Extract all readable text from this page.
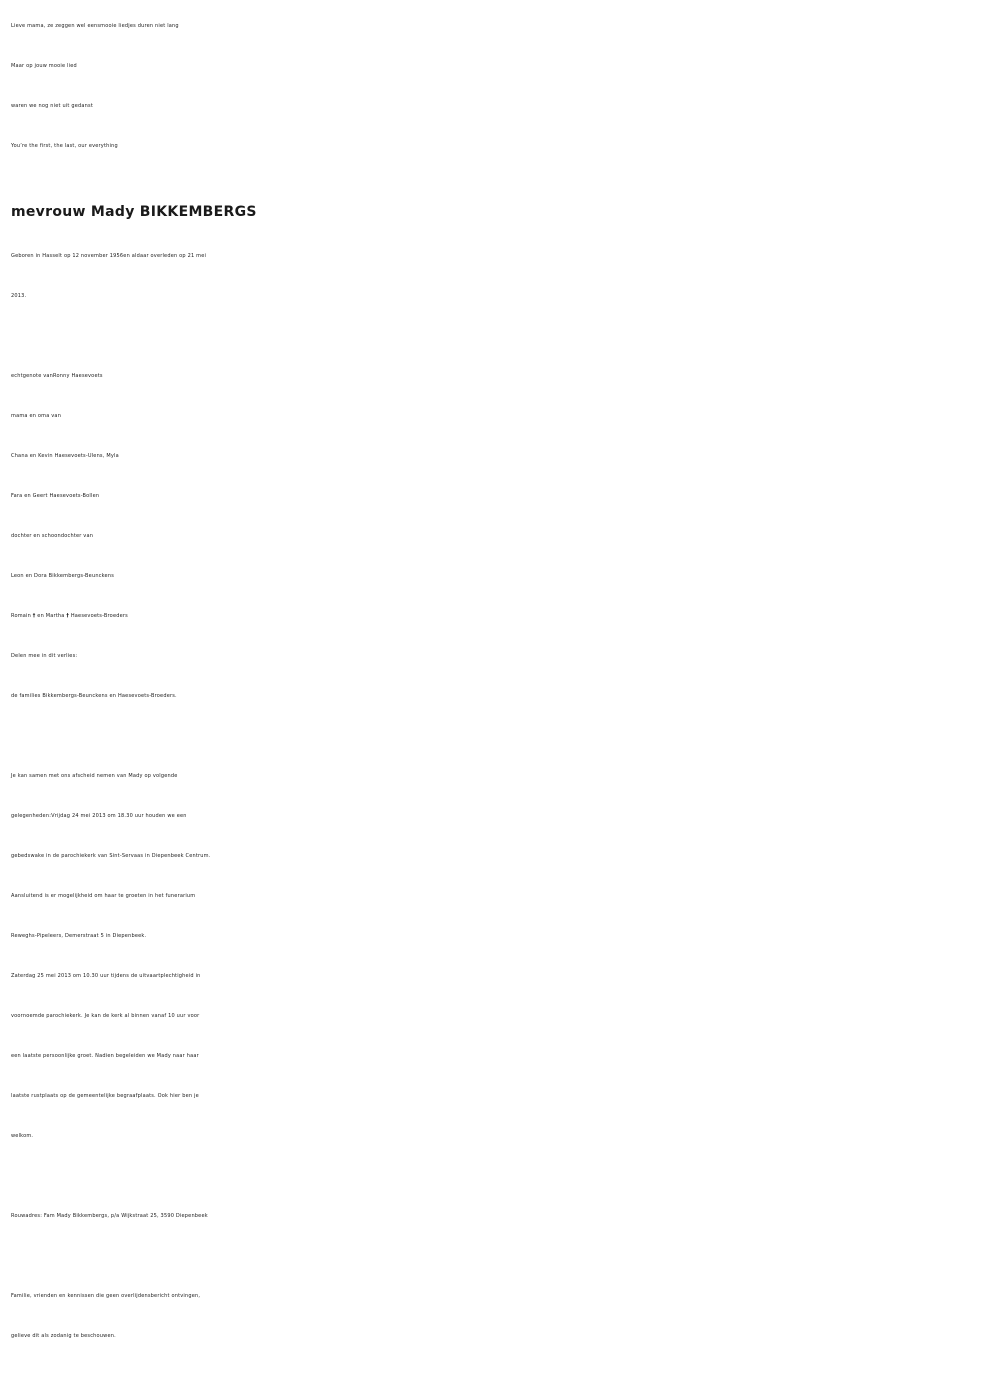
Lieve mama, ze zeggen wel eensmooie liedjes duren niet lang
Maar op jouw mooie lied
waren we nog niet uit gedanst
You’re the first, the last, our everything
mevrouw Mady BIKKEMBERGS
Geboren in Hasselt op 12 november 1956en aldaar overleden op 21 mei
2013.
echtgenote vanRonny Haesevoets
mama en oma van
Chana en Kevin Haesevoets-Ulens, Myla
Fara en Geert Haesevoets-Bollen
dochter en schoondochter van
Leon en Dora Bikkembergs-Beunckens
Romain † en Martha † Haesevoets-Broeders
Delen mee in dit verlies:
de families Bikkembergs-Beunckens en Haesevoets-Broeders.
Je kan samen met ons afscheid nemen van Mady op volgende
gelegenheden:Vrijdag 24 mei 2013 om 18.30 uur houden we een
gebedswake in de parochiekerk van Sint-Servaas in Diepenbeek Centrum.
Aansluitend is er mogelijkheid om haar te groeten in het funerarium
Reweghs-Pipeleers, Demerstraat 5 in Diepenbeek.
Zaterdag 25 mei 2013 om 10.30 uur tijdens de uitvaartplechtigheid in
voornoemde parochiekerk. Je kan de kerk al binnen vanaf 10 uur voor
een laatste persoonlijke groet. Nadien begeleiden we Mady naar haar
laatste rustplaats op de gemeentelijke begraafplaats. Ook hier ben je
welkom.
Rouwadres: Fam Mady Bikkembergs, p/a Wijkstraat 25, 3590 Diepenbeek
Familie, vrienden en kennissen die geen overlijdensbericht ontvingen,
gelieve dit als zodanig te beschouwen.
